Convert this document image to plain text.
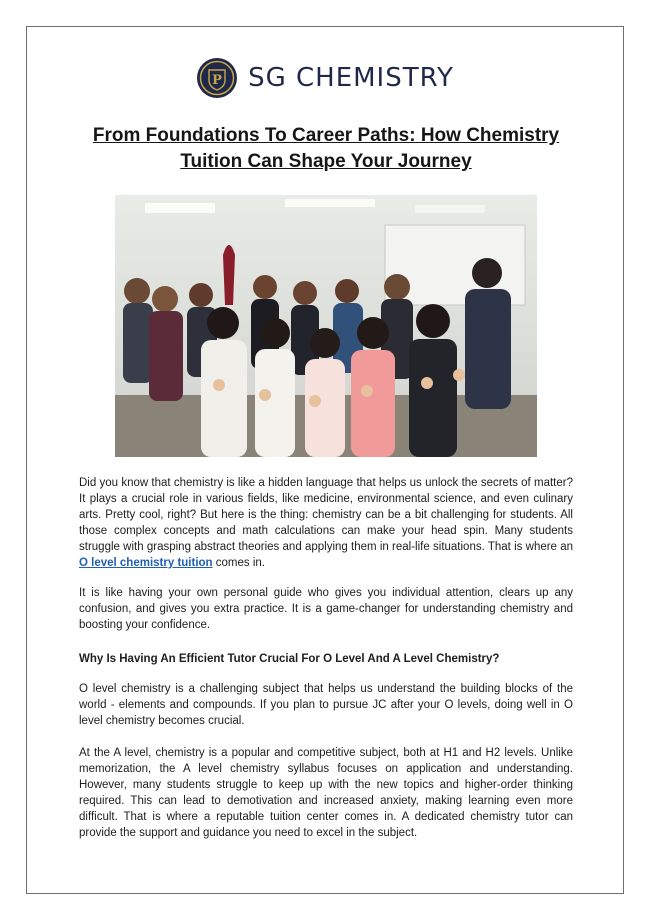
P SG CHEMISTRY
From Foundations To Career Paths: How Chemistry Tuition Can Shape Your Journey
Did you know that chemistry is like a hidden language that helps us unlock the secrets of matter? It plays a crucial role in various fields, like medicine, environmental science, and even culinary arts. Pretty cool, right? But here is the thing: chemistry can be a bit challenging for students. All those complex concepts and math calculations can make your head spin. Many students struggle with grasping abstract theories and applying them in real-life situations. That is where an O level chemistry tuition comes in.
It is like having your own personal guide who gives you individual attention, clears up any confusion, and gives you extra practice. It is a game-changer for understanding chemistry and boosting your confidence.
Why Is Having An Efficient Tutor Crucial For O Level And A Level Chemistry?
O level chemistry is a challenging subject that helps us understand the building blocks of the world - elements and compounds. If you plan to pursue JC after your O levels, doing well in O level chemistry becomes crucial.
At the A level, chemistry is a popular and competitive subject, both at H1 and H2 levels. Unlike memorization, the A level chemistry syllabus focuses on application and understanding. However, many students struggle to keep up with the new topics and higher-order thinking required. This can lead to demotivation and increased anxiety, making learning even more difficult. That is where a reputable tuition center comes in. A dedicated chemistry tutor can provide the support and guidance you need to excel in the subject.
